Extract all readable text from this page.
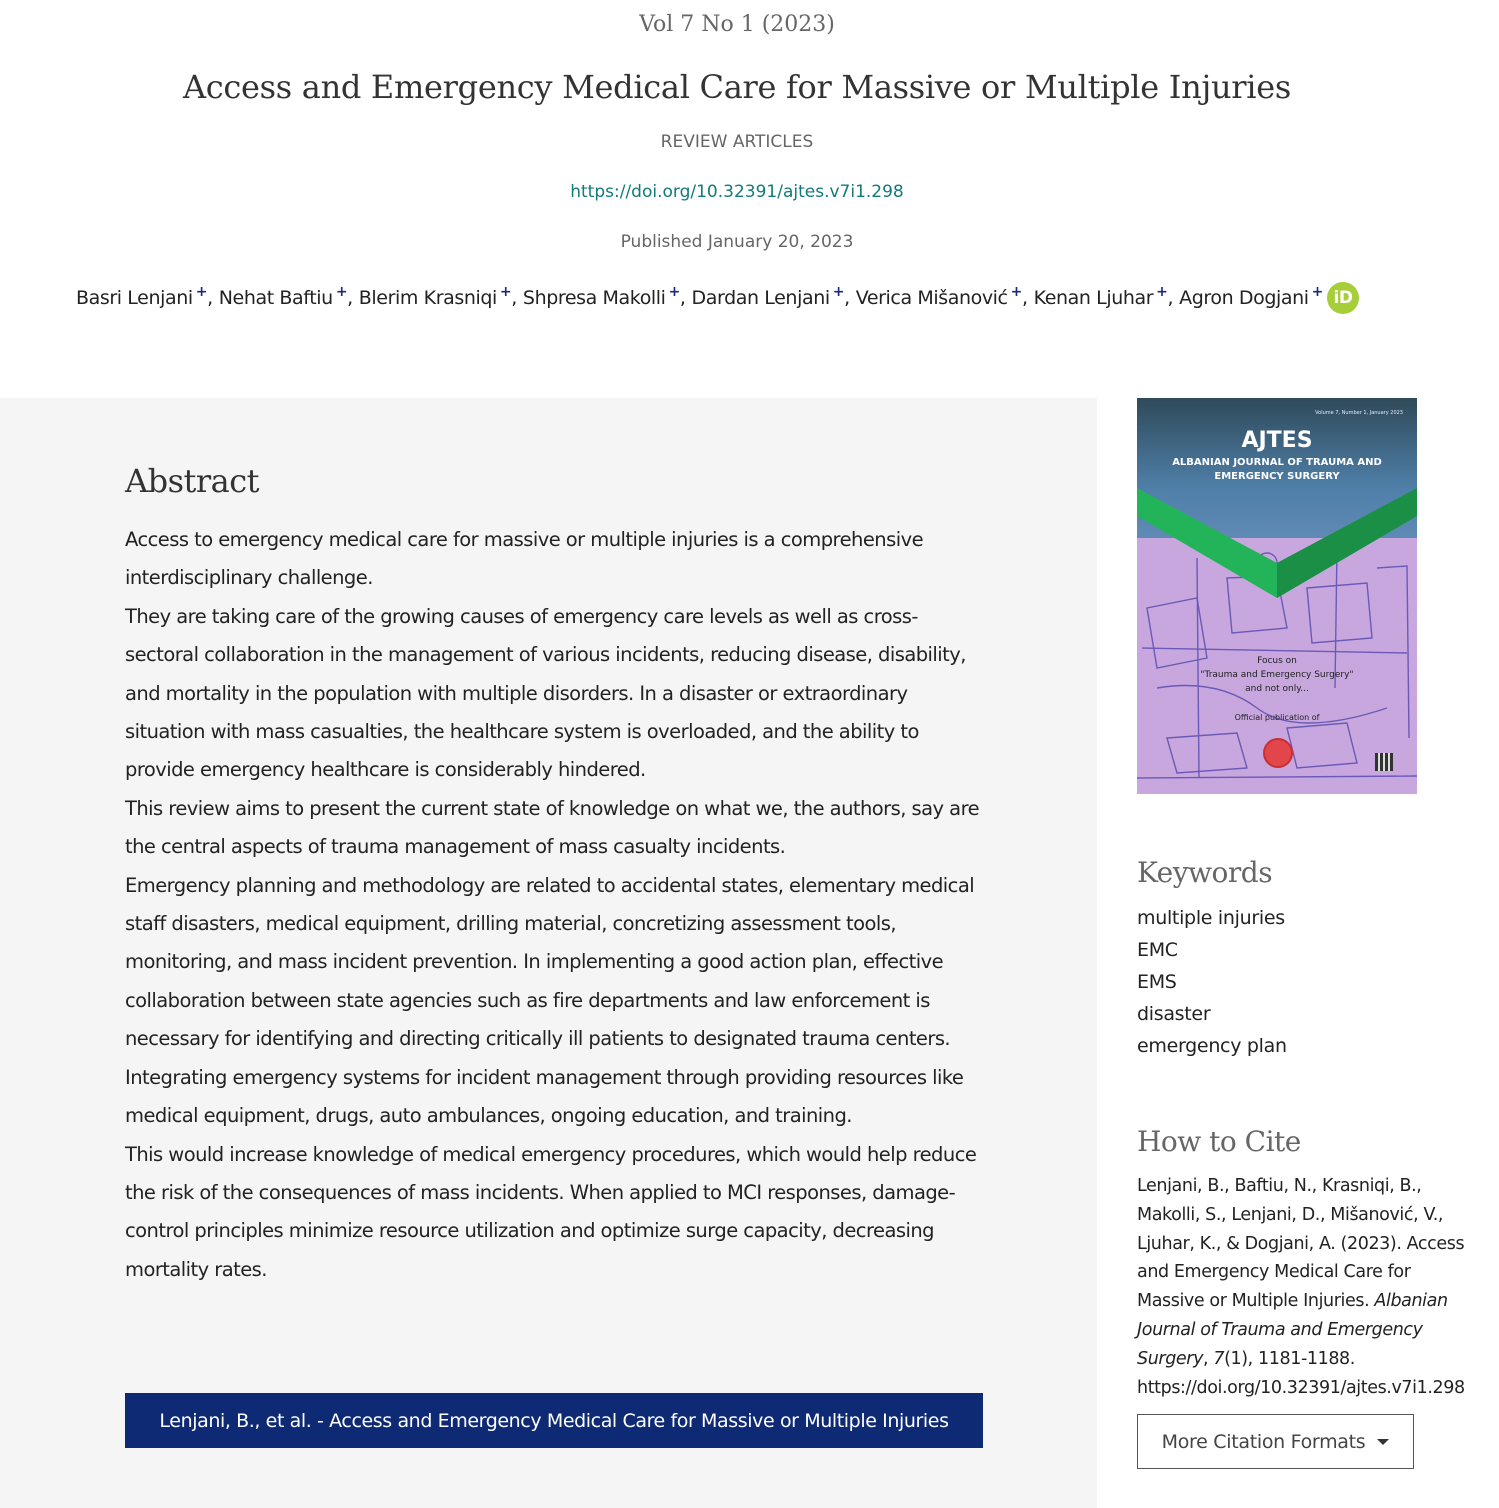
Vol 7 No 1 (2023)
Access and Emergency Medical Care for Massive or Multiple Injuries
REVIEW ARTICLES
https://doi.org/10.32391/ajtes.v7i1.298
Published January 20, 2023
Basri Lenjani + , Nehat Baftiu + , Blerim Krasniqi + , Shpresa Makolli + , Dardan Lenjani + , Verica Mišanović + , Kenan Ljuhar + , Agron Dogjani + iD
Abstract

Access to emergency medical care for massive or multiple injuries is a comprehensive interdisciplinary challenge.

They are taking care of the growing causes of emergency care levels as well as cross-sectoral collaboration in the management of various incidents, reducing disease, disability, and mortality in the population with multiple disorders. In a disaster or extraordinary situation with mass casualties, the healthcare system is overloaded, and the ability to provide emergency healthcare is considerably hindered.

This review aims to present the current state of knowledge on what we, the authors, say are the central aspects of trauma management of mass casualty incidents.

Emergency planning and methodology are related to accidental states, elementary medical staff disasters, medical equipment, drilling material, concretizing assessment tools, monitoring, and mass incident prevention. In implementing a good action plan, effective collaboration between state agencies such as fire departments and law enforcement is necessary for identifying and directing critically ill patients to designated trauma centers.

Integrating emergency systems for incident management through providing resources like medical equipment, drugs, auto ambulances, ongoing education, and training.

This would increase knowledge of medical emergency procedures, which would help reduce the risk of the consequences of mass incidents. When applied to MCI responses, damage-control principles minimize resource utilization and optimize surge capacity, decreasing mortality rates.

Lenjani, B., et al. - Access and Emergency Medical Care for Massive or Multiple Injuries
Volume 7, Number 1, January 2023
AJTES
ALBANIAN JOURNAL OF TRAUMA AND
EMERGENCY SURGERY
Focus on
"Trauma and Emergency Surgery"
and not only...
Official publication of
Keywords
multiple injuries
EMC
EMS
disaster
emergency plan
How to Cite
Lenjani, B., Baftiu, N., Krasniqi, B., Makolli, S., Lenjani, D., Mišanović, V., Ljuhar, K., & Dogjani, A. (2023). Access and Emergency Medical Care for Massive or Multiple Injuries. Albanian Journal of Trauma and Emergency Surgery, 7(1), 1181-1188.
https://doi.org/10.32391/ajtes.v7i1.298
More Citation Formats
